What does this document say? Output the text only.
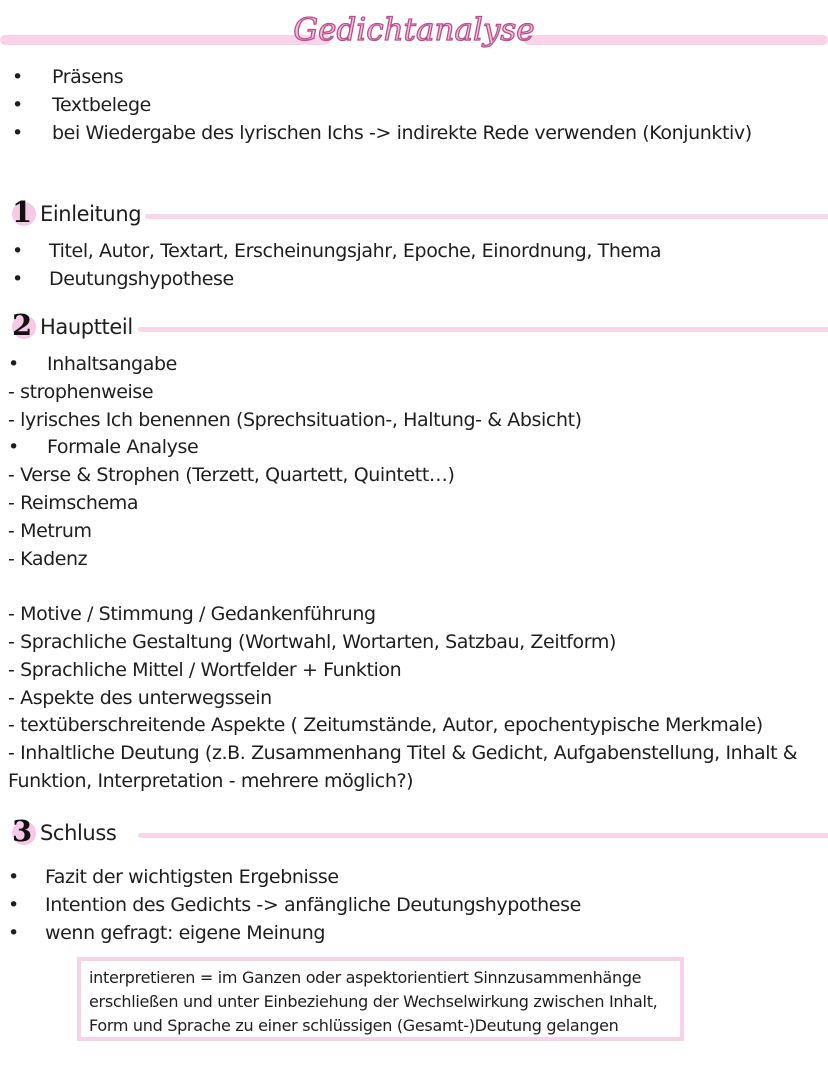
Gedichtanalyse
• Präsens
• Textbelege
• bei Wiedergabe des lyrischen Ichs -> indirekte Rede verwenden (Konjunktiv)
1 Einleitung
• Titel, Autor, Textart, Erscheinungsjahr, Epoche, Einordnung, Thema
• Deutungshypothese
2 Hauptteil
• Inhaltsangabe
- strophenweise
- lyrisches Ich benennen (Sprechsituation-, Haltung- & Absicht)
• Formale Analyse
- Verse & Strophen (Terzett, Quartett, Quintett…)
- Reimschema
- Metrum
- Kadenz
- Motive / Stimmung / Gedankenführung
- Sprachliche Gestaltung (Wortwahl, Wortarten, Satzbau, Zeitform)
- Sprachliche Mittel / Wortfelder + Funktion
- Aspekte des unterwegssein
- textüberschreitende Aspekte ( Zeitumstände, Autor, epochentypische Merkmale)
- Inhaltliche Deutung (z.B. Zusammenhang Titel & Gedicht, Aufgabenstellung, Inhalt &
Funktion, Interpretation - mehrere möglich?)
3 Schluss
• Fazit der wichtigsten Ergebnisse
• Intention des Gedichts -> anfängliche Deutungshypothese
• wenn gefragt: eigene Meinung
interpretieren = im Ganzen oder aspektorientiert Sinnzusammenhänge
erschließen und unter Einbeziehung der Wechselwirkung zwischen Inhalt,
Form und Sprache zu einer schlüssigen (Gesamt-)Deutung gelangen
